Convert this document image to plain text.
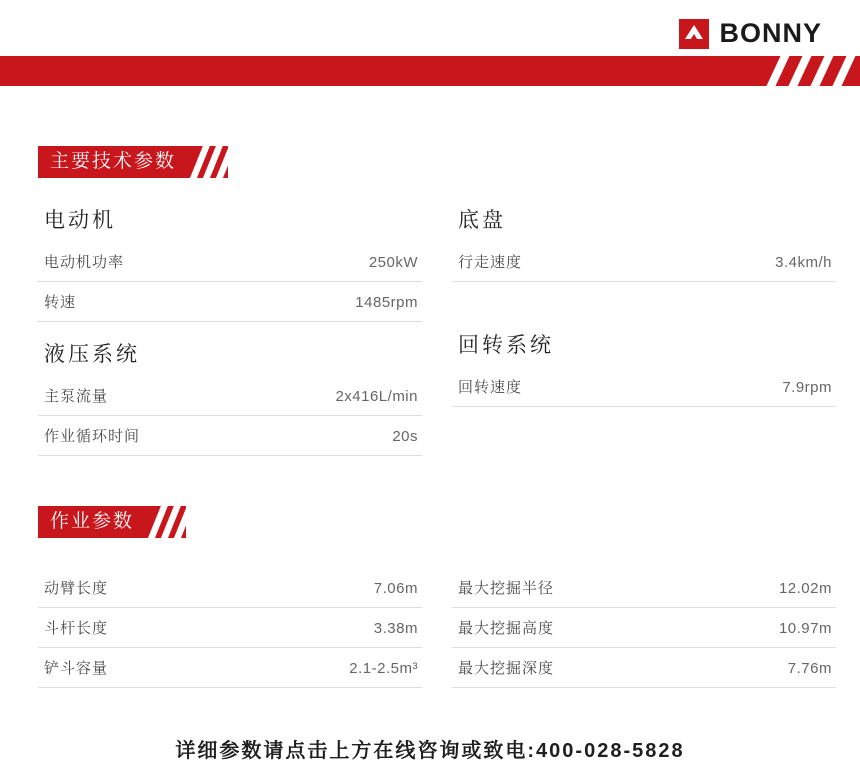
BONNY
主要技术参数
电动机
电动机功率	250kW
转速	1485rpm
液压系统
主泵流量	2x416L/min
作业循环时间	20s
底盘
行走速度	3.4km/h
回转系统
回转速度	7.9rpm
作业参数
动臂长度	7.06m
斗杆长度	3.38m
铲斗容量	2.1-2.5m³
最大挖掘半径	12.02m
最大挖掘高度	10.97m
最大挖掘深度	7.76m
详细参数请点击上方在线咨询或致电:400-028-5828
